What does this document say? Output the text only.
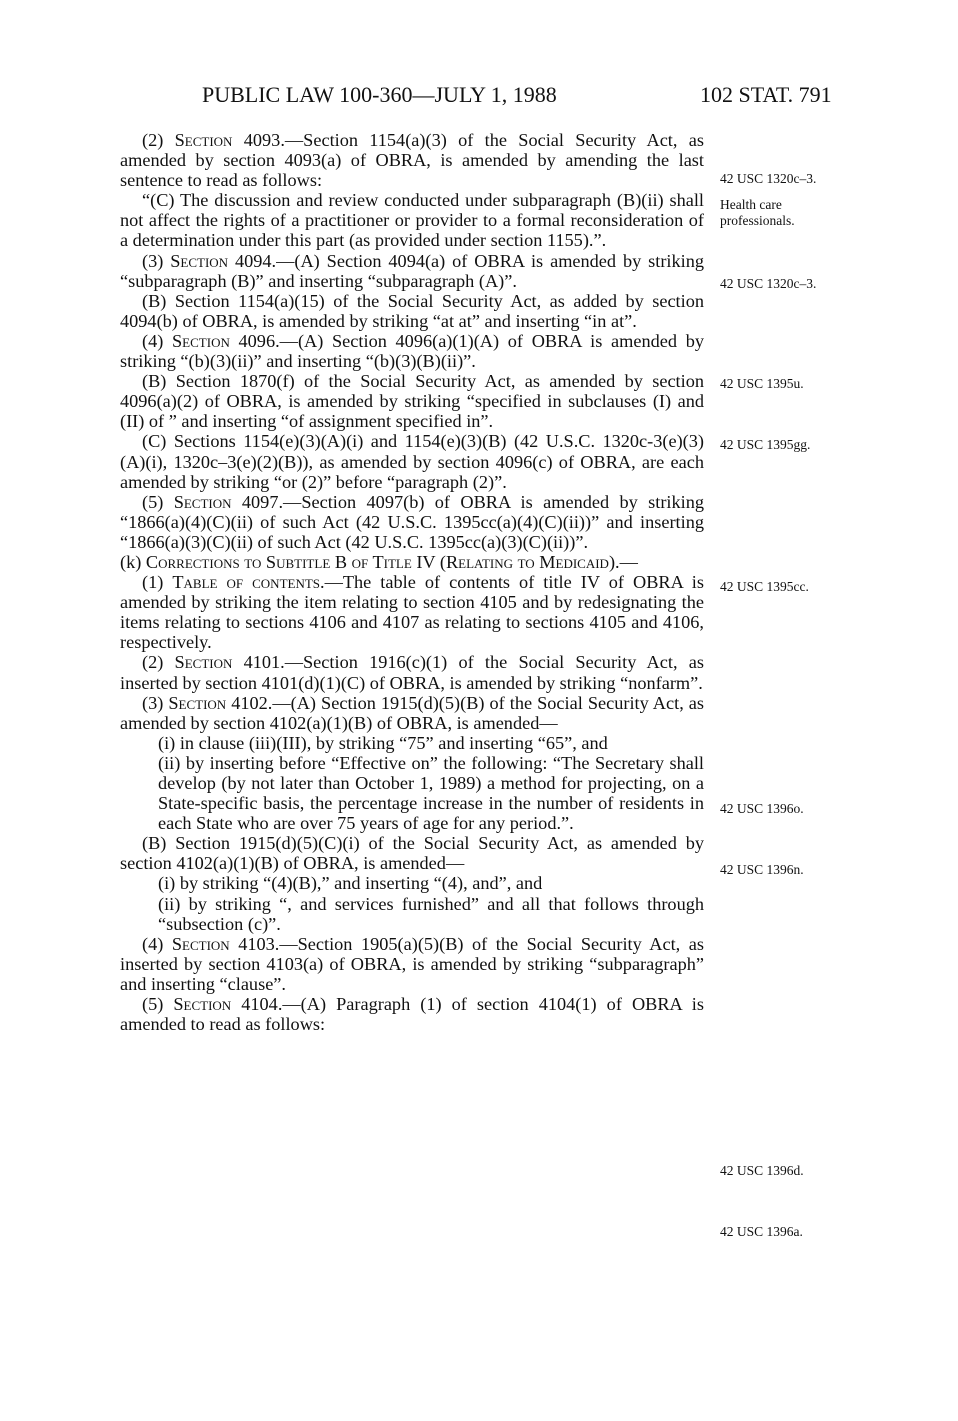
PUBLIC LAW 100-360—JULY 1, 1988	102 STAT. 791

(2) Section 4093.—Section 1154(a)(3) of the Social Security Act, as amended by section 4093(a) of OBRA, is amended by amending the last sentence to read as follows:

“(C) The discussion and review conducted under subparagraph (B)(ii) shall not affect the rights of a practitioner or provider to a formal reconsideration of a determination under this part (as provided under section 1155).”.

(3) Section 4094.—(A) Section 4094(a) of OBRA is amended by striking “subparagraph (B)” and inserting “subparagraph (A)”.

(B) Section 1154(a)(15) of the Social Security Act, as added by section 4094(b) of OBRA, is amended by striking “at at” and inserting “in at”.

(4) Section 4096.—(A) Section 4096(a)(1)(A) of OBRA is amended by striking “(b)(3)(ii)” and inserting “(b)(3)(B)(ii)”.

(B) Section 1870(f) of the Social Security Act, as amended by section 4096(a)(2) of OBRA, is amended by striking “specified in subclauses (I) and (II) of ” and inserting “of assignment specified in”.

(C) Sections 1154(e)(3)(A)(i) and 1154(e)(3)(B) (42 U.S.C. 1320c‑3(e)(3)(A)(i), 1320c–3(e)(2)(B)), as amended by section 4096(c) of OBRA, are each amended by striking “or (2)” before “paragraph (2)”.

(5) Section 4097.—Section 4097(b) of OBRA is amended by striking “1866(a)(4)(C)(ii) of such Act (42 U.S.C. 1395cc(a)(4)(C)(ii))” and inserting “1866(a)(3)(C)(ii) of such Act (42 U.S.C. 1395cc(a)(3)(C)(ii))”.

(k) Corrections to Subtitle B of Title IV (Relating to Medicaid).—

(1) Table of contents.—The table of contents of title IV of OBRA is amended by striking the item relating to section 4105 and by redesignating the items relating to sections 4106 and 4107 as relating to sections 4105 and 4106, respectively.

(2) Section 4101.—Section 1916(c)(1) of the Social Security Act, as inserted by section 4101(d)(1)(C) of OBRA, is amended by striking “nonfarm”.

(3) Section 4102.—(A) Section 1915(d)(5)(B) of the Social Security Act, as amended by section 4102(a)(1)(B) of OBRA, is amended—

(i) in clause (iii)(III), by striking “75” and inserting “65”, and

(ii) by inserting before “Effective on” the following: “The Secretary shall develop (by not later than October 1, 1989) a method for projecting, on a State-specific basis, the percentage increase in the number of residents in each State who are over 75 years of age for any period.”.

(B) Section 1915(d)(5)(C)(i) of the Social Security Act, as amended by section 4102(a)(1)(B) of OBRA, is amended—

(i) by striking “(4)(B),” and inserting “(4), and”, and

(ii) by striking “, and services furnished” and all that follows through “subsection (c)”.

(4) Section 4103.—Section 1905(a)(5)(B) of the Social Security Act, as inserted by section 4103(a) of OBRA, is amended by striking “subparagraph” and inserting “clause”.

(5) Section 4104.—(A) Paragraph (1) of section 4104(1) of OBRA is amended to read as follows:

42 USC 1320c–3.
Health care professionals.
42 USC 1320c–3.
42 USC 1395u.
42 USC 1395gg.
42 USC 1395cc.
42 USC 1396o.
42 USC 1396n.
42 USC 1396d.
42 USC 1396a.
